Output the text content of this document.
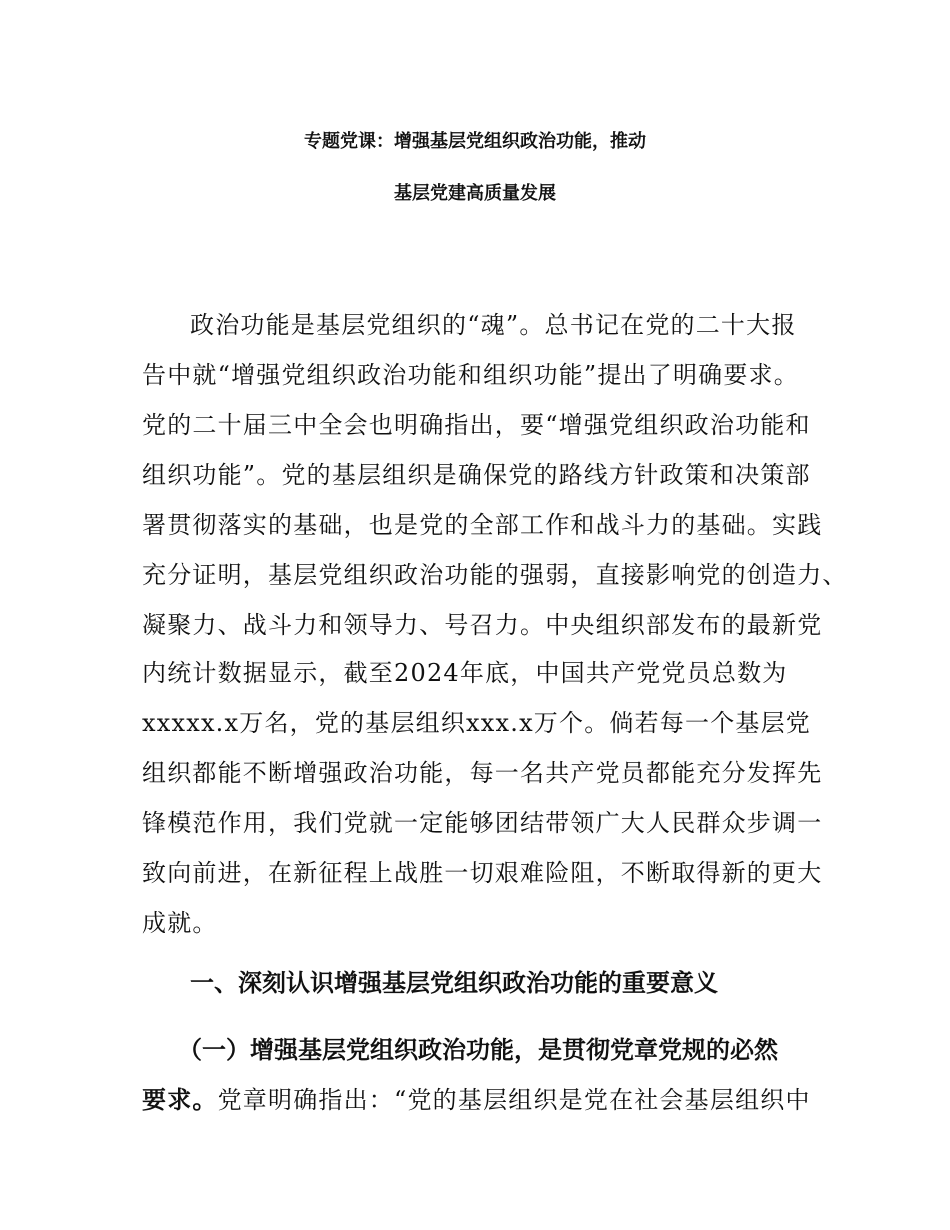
专题党课：增强基层党组织政治功能，推动
基层党建高质量发展

政治功能是基层党组织的“魂”。总书记在党的二十大报

告中就“增强党组织政治功能和组织功能”提出了明确要求。

党的二十届三中全会也明确指出，要“增强党组织政治功能和

组织功能”。党的基层组织是确保党的路线方针政策和决策部

署贯彻落实的基础，也是党的全部工作和战斗力的基础。实践

充分证明，基层党组织政治功能的强弱，直接影响党的创造力、

凝聚力、战斗力和领导力、号召力。中央组织部发布的最新党

内统计数据显示，截至2024年底，中国共产党党员总数为

xxxxx.x万名，党的基层组织xxx.x万个。倘若每一个基层党

组织都能不断增强政治功能，每一名共产党员都能充分发挥先

锋模范作用，我们党就一定能够团结带领广大人民群众步调一

致向前进，在新征程上战胜一切艰难险阻，不断取得新的更大

成就。

一、深刻认识增强基层党组织政治功能的重要意义

（一）增强基层党组织政治功能，是贯彻党章党规的必然

要求。党章明确指出：“党的基层组织是党在社会基层组织中
